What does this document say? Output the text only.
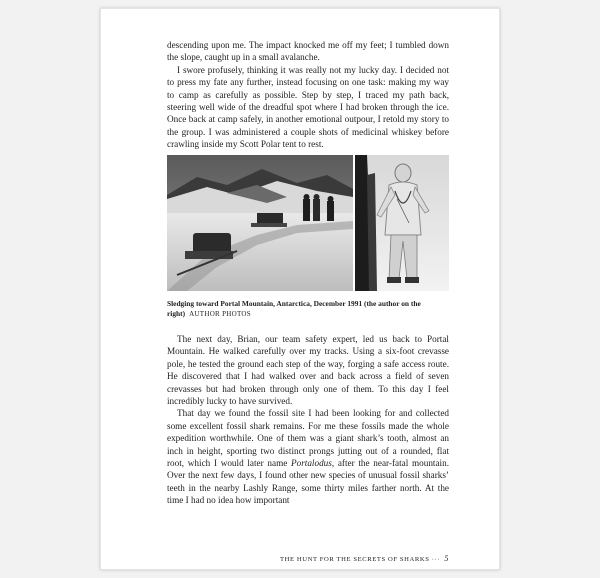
descending upon me. The impact knocked me off my feet; I tumbled down the slope, caught up in a small avalanche.

I swore profusely, thinking it was really not my lucky day. I decided not to press my fate any further, instead focusing on one task: making my way to camp as carefully as possible. Step by step, I traced my path back, steering well wide of the dreadful spot where I had broken through the ice. Once back at camp safely, in another emotional outpour, I retold my story to the group. I was administered a couple shots of medicinal whiskey before crawling inside my Scott Polar tent to rest.

Sledging toward Portal Mountain, Antarctica, December 1991 (the author on the right) AUTHOR PHOTOS

The next day, Brian, our team safety expert, led us back to Portal Mountain. He walked carefully over my tracks. Using a six-foot crevasse pole, he tested the ground each step of the way, forging a safe access route. He discovered that I had walked over and back across a field of seven crevasses but had broken through only one of them. To this day I feel incredibly lucky to have survived.

That day we found the fossil site I had been looking for and collected some excellent fossil shark remains. For me these fossils made the whole expedition worthwhile. One of them was a giant shark’s tooth, almost an inch in height, sporting two distinct prongs jutting out of a rounded, flat root, which I would later name Portalodus, after the near-fatal mountain. Over the next few days, I found other new species of unusual fossil sharks’ teeth in the nearby Lashly Range, some thirty miles farther north. At the time I had no idea how important

THE HUNT FOR THE SECRETS OF SHARKS ··· 5
